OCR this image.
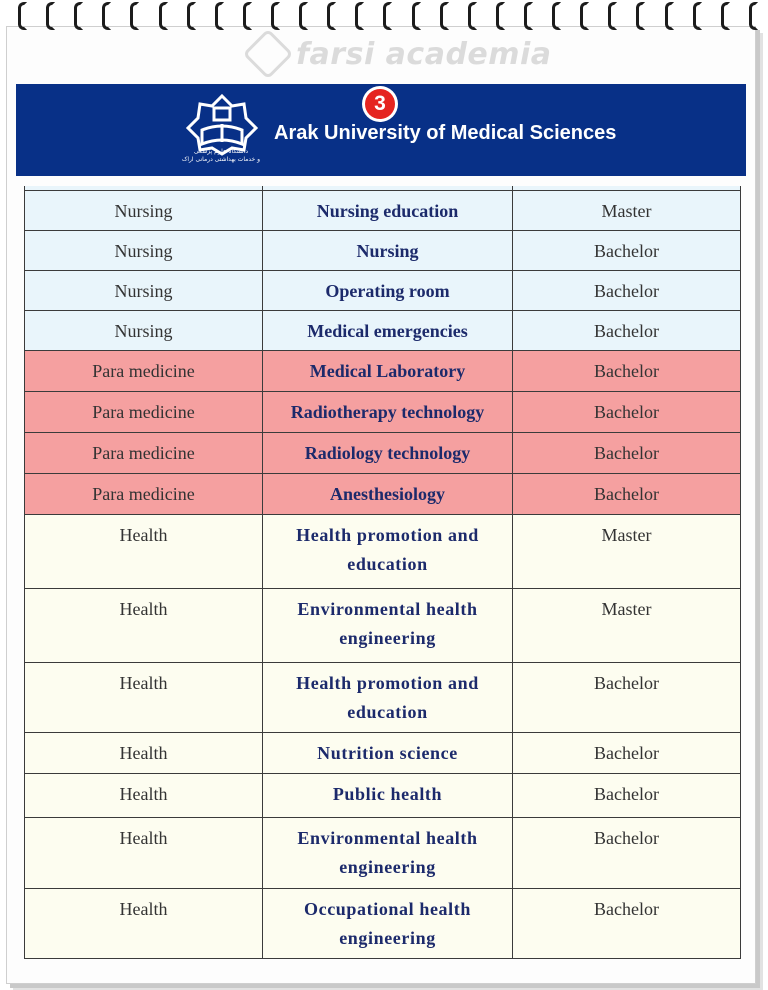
farsi academia
دانشگاه علوم پزشکی
و خدمات بهداشتی درمانی اراک
Arak University of Medical Sciences
3

Nursing	Nursing education	Master
Nursing	Nursing	Bachelor
Nursing	Operating room	Bachelor
Nursing	Medical emergencies	Bachelor
Para medicine	Medical Laboratory	Bachelor
Para medicine	Radiotherapy technology	Bachelor
Para medicine	Radiology technology	Bachelor
Para medicine	Anesthesiology	Bachelor
Health	Health promotion and education	Master
Health	Environmental health engineering	Master
Health	Health promotion and education	Bachelor
Health	Nutrition science	Bachelor
Health	Public health	Bachelor
Health	Environmental health engineering	Bachelor
Health	Occupational health engineering	Bachelor
